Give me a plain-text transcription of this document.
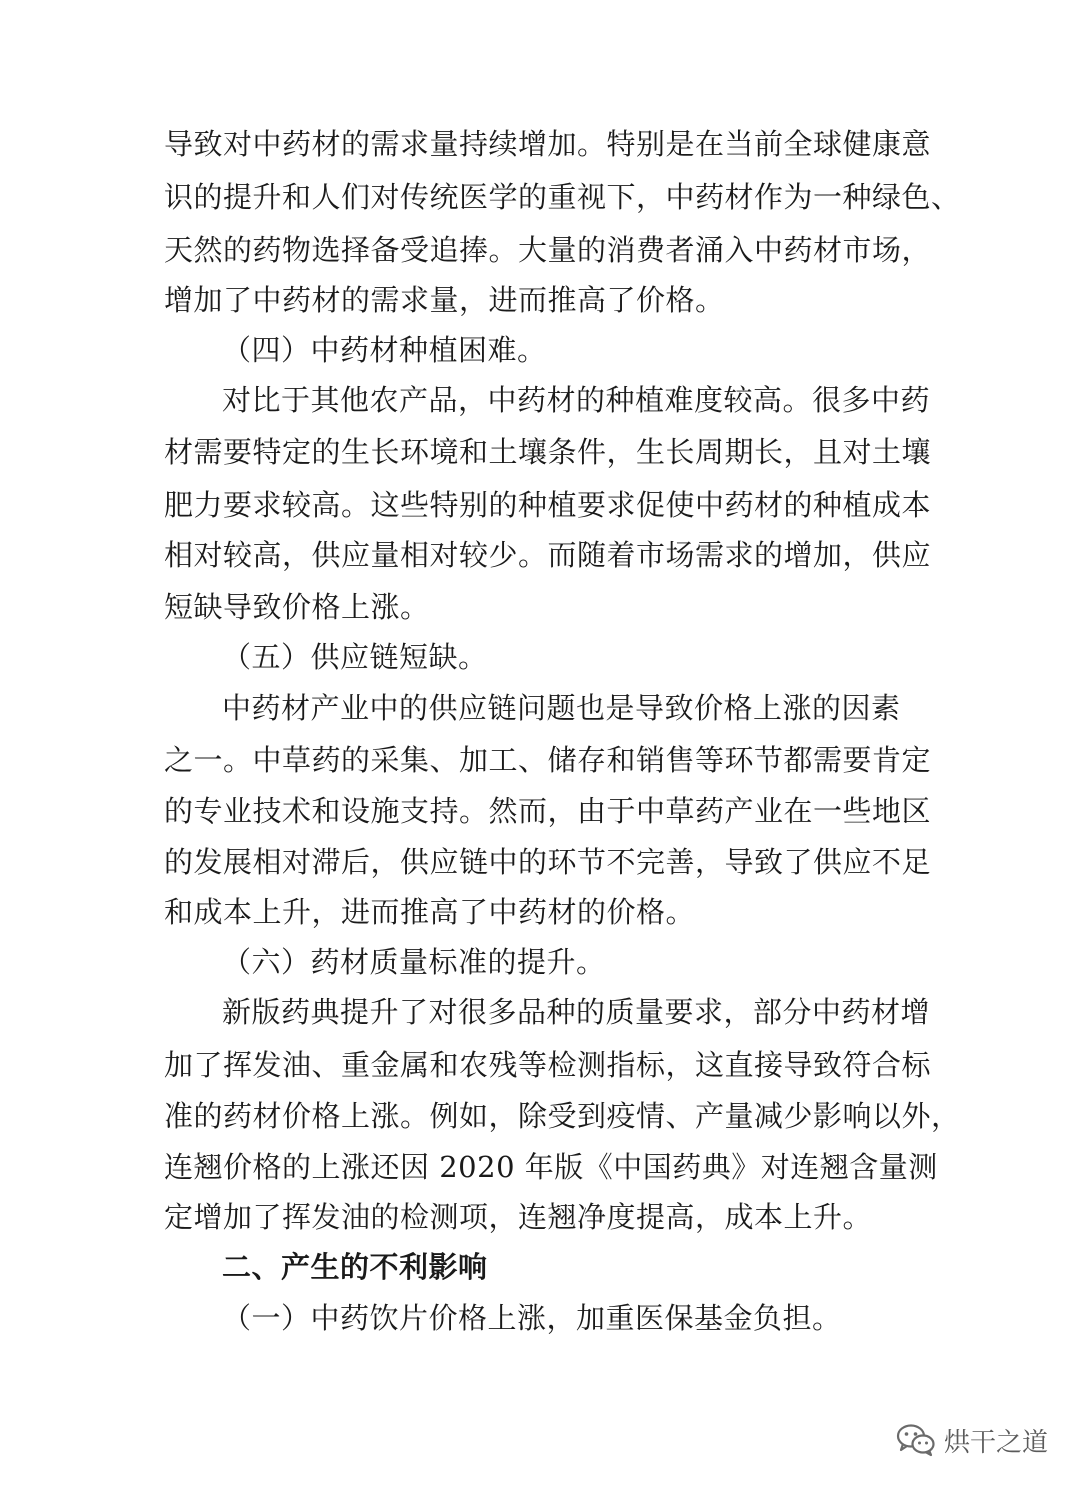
导致对中药材的需求量持续增加。特别是在当前全球健康意
识的提升和人们对传统医学的重视下，中药材作为一种绿色、
天然的药物选择备受追捧。大量的消费者涌入中药材市场，
增加了中药材的需求量，进而推高了价格。
（四）中药材种植困难。
对比于其他农产品，中药材的种植难度较高。很多中药
材需要特定的生长环境和土壤条件，生长周期长，且对土壤
肥力要求较高。这些特别的种植要求促使中药材的种植成本
相对较高，供应量相对较少。而随着市场需求的增加，供应
短缺导致价格上涨。
（五）供应链短缺。
中药材产业中的供应链问题也是导致价格上涨的因素
之一。中草药的采集、加工、储存和销售等环节都需要肯定
的专业技术和设施支持。然而，由于中草药产业在一些地区
的发展相对滞后，供应链中的环节不完善，导致了供应不足
和成本上升，进而推高了中药材的价格。
（六）药材质量标准的提升。
新版药典提升了对很多品种的质量要求，部分中药材增
加了挥发油、重金属和农残等检测指标，这直接导致符合标
准的药材价格上涨。例如，除受到疫情、产量减少影响以外，
连翘价格的上涨还因 2020 年版《中国药典》对连翘含量测
定增加了挥发油的检测项，连翘净度提高，成本上升。
二、产生的不利影响
（一）中药饮片价格上涨，加重医保基金负担。
烘干之道
